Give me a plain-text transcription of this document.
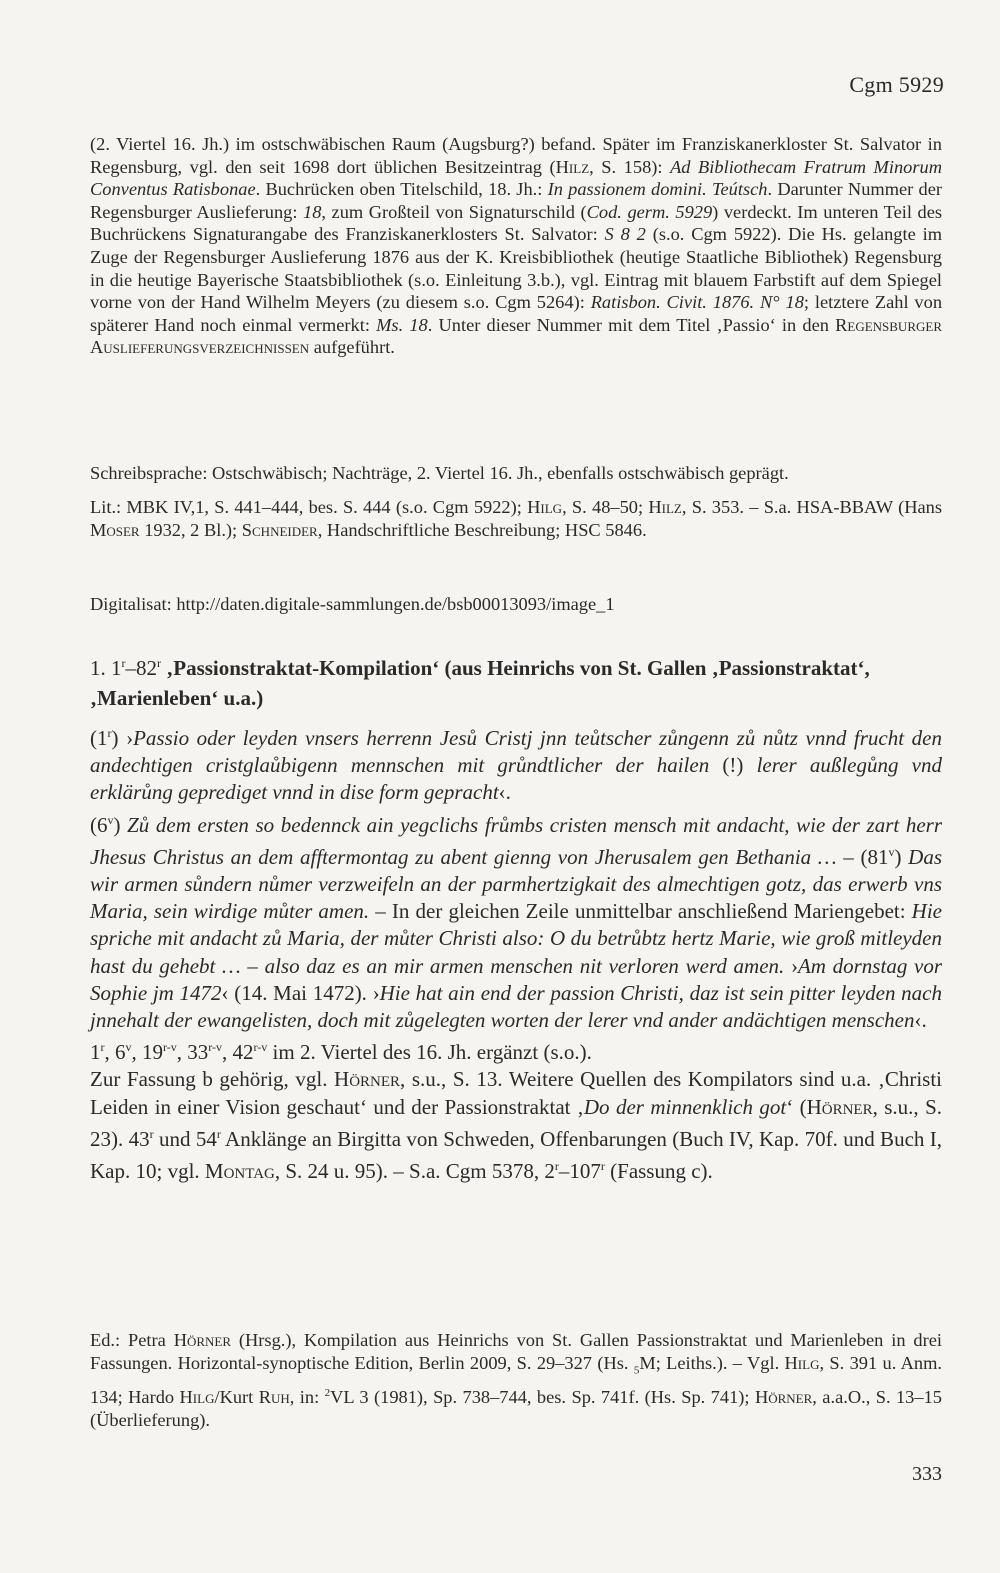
Cgm 5929

(2. Viertel 16. Jh.) im ostschwäbischen Raum (Augsburg?) befand. Später im Franziskanerkloster St. Salvator in Regensburg, vgl. den seit 1698 dort üblichen Besitzeintrag (Hilz, S. 158): Ad Bibliothecam Fratrum Minorum Conventus Ratisbonae. Buchrücken oben Titelschild, 18. Jh.: In passionem domini. Teútsch. Darunter Nummer der Regensburger Auslieferung: 18, zum Großteil von Signaturschild (Cod. germ. 5929) verdeckt. Im unteren Teil des Buchrückens Signaturangabe des Franziskanerklosters St. Salvator: S 8 2 (s.o. Cgm 5922). Die Hs. gelangte im Zuge der Regensburger Auslieferung 1876 aus der K. Kreisbibliothek (heutige Staatliche Bibliothek) Regensburg in die heutige Bayerische Staatsbibliothek (s.o. Einleitung 3.b.), vgl. Eintrag mit blauem Farbstift auf dem Spiegel vorne von der Hand Wilhelm Meyers (zu diesem s.o. Cgm 5264): Ratisbon. Civit. 1876. N° 18; letztere Zahl von späterer Hand noch einmal vermerkt: Ms. 18. Unter dieser Nummer mit dem Titel ‚Passio‘ in den Regensburger Auslieferungsverzeichnissen aufgeführt.

Schreibsprache: Ostschwäbisch; Nachträge, 2. Viertel 16. Jh., ebenfalls ostschwäbisch geprägt.

Lit.: MBK IV,1, S. 441–444, bes. S. 444 (s.o. Cgm 5922); Hilg, S. 48–50; Hilz, S. 353. – S.a. HSA-BBAW (Hans Moser 1932, 2 Bl.); Schneider, Handschriftliche Beschreibung; HSC 5846.

Digitalisat: http://daten.digitale-sammlungen.de/bsb00013093/image_1

1. 1$^r$–82$^r$ ‚Passionstraktat-Kompilation‘ (aus Heinrichs von St. Gallen ‚Passionstraktat‘, ‚Marienleben‘ u.a.)

(1$^r$) ›Passio oder leyden vnsers herrenn Jesů Cristj jnn teůtscher zůngenn zů nůtz vnnd frucht den andechtigen cristglaůbigenn mennschen mit grůndtlicher der hailen (!) lerer außlegůng vnd erklärůng geprediget vnnd in dise form gepracht‹.

(6$^v$) Zů dem ersten so bedennck ain yegclichs frůmbs cristen mensch mit andacht, wie der zart herr Jhesus Christus an dem afftermontag zu abent gienng von Jherusalem gen Bethania … – (81$^v$) Das wir armen sůndern nůmer verzweifeln an der parmhertzigkait des almechtigen gotz, das erwerb vns Maria, sein wirdige můter amen. – In der gleichen Zeile unmittelbar anschließend Mariengebet: Hie spriche mit andacht zů Maria, der můter Christi also: O du betrůbtz hertz Marie, wie groß mitleyden hast du gehebt … – also daz es an mir armen menschen nit verloren werd amen. ›Am dornstag vor Sophie jm 1472‹ (14. Mai 1472). ›Hie hat ain end der passion Christi, daz ist sein pitter leyden nach jnnehalt der ewangelisten, doch mit zůgelegten worten der lerer vnd ander andächtigen menschen‹.

1$^r$, 6$^v$, 19$^{r-v}$, 33$^{r-v}$, 42$^{r-v}$ im 2. Viertel des 16. Jh. ergänzt (s.o.).

Zur Fassung b gehörig, vgl. Hörner, s.u., S. 13. Weitere Quellen des Kompilators sind u.a. ‚Christi Leiden in einer Vision geschaut‘ und der Passionstraktat ‚Do der minnenklich got‘ (Hörner, s.u., S. 23). 43$^r$ und 54$^r$ Anklänge an Birgitta von Schweden, Offenbarungen (Buch IV, Kap. 70f. und Buch I, Kap. 10; vgl. Montag, S. 24 u. 95). – S.a. Cgm 5378, 2$^r$–107$^r$ (Fassung c).

Ed.: Petra Hörner (Hrsg.), Kompilation aus Heinrichs von St. Gallen Passionstraktat und Marienleben in drei Fassungen. Horizontal-synoptische Edition, Berlin 2009, S. 29–327 (Hs. $_5$M; Leiths.). – Vgl. Hilg, S. 391 u. Anm. 134; Hardo Hilg/Kurt Ruh, in: $^2$VL 3 (1981), Sp. 738–744, bes. Sp. 741f. (Hs. Sp. 741); Hörner, a.a.O., S. 13–15 (Überlieferung).

333
